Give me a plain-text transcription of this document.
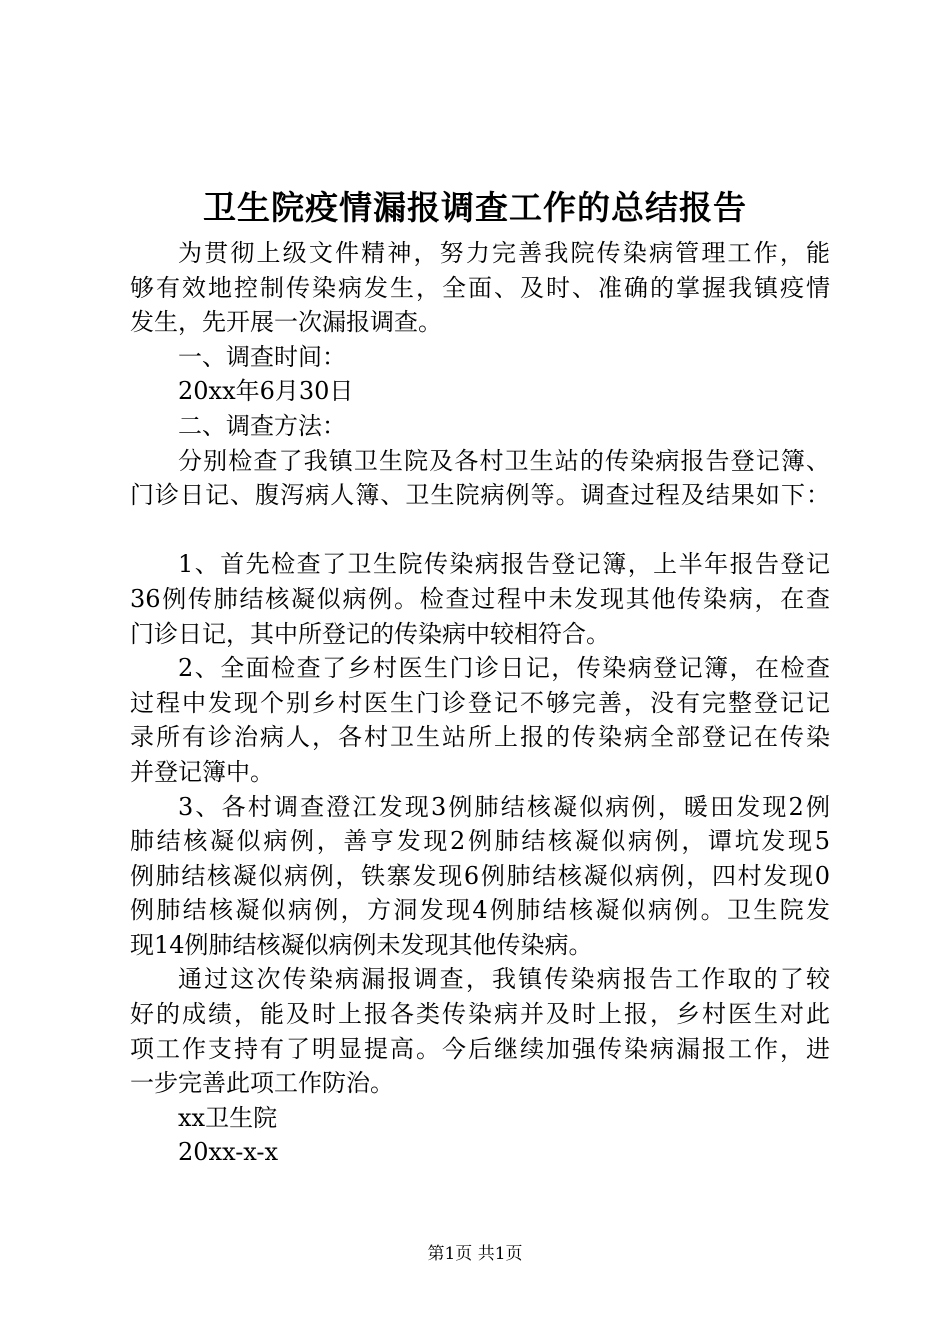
卫生院疫情漏报调查工作的总结报告
为贯彻上级文件精神，努力完善我院传染病管理工作，能
够有效地控制传染病发生，全面、及时、准确的掌握我镇疫情
发生，先开展一次漏报调查。
一、调查时间：
20xx年6月30日
二、调查方法：
分别检查了我镇卫生院及各村卫生站的传染病报告登记簿、
门诊日记、腹泻病人簿、卫生院病例等。调查过程及结果如下：
1、首先检查了卫生院传染病报告登记簿，上半年报告登记
36例传肺结核凝似病例。检查过程中未发现其他传染病，在查
门诊日记，其中所登记的传染病中较相符合。
2、全面检查了乡村医生门诊日记，传染病登记簿，在检查
过程中发现个别乡村医生门诊登记不够完善，没有完整登记记
录所有诊治病人，各村卫生站所上报的传染病全部登记在传染
并登记簿中。
3、各村调查澄江发现3例肺结核凝似病例，暖田发现2例
肺结核凝似病例，善亨发现2例肺结核凝似病例，谭坑发现5
例肺结核凝似病例，铁寨发现6例肺结核凝似病例，四村发现0
例肺结核凝似病例，方洞发现4例肺结核凝似病例。卫生院发
现14例肺结核凝似病例未发现其他传染病。
通过这次传染病漏报调查，我镇传染病报告工作取的了较
好的成绩，能及时上报各类传染病并及时上报，乡村医生对此
项工作支持有了明显提高。今后继续加强传染病漏报工作，进
一步完善此项工作防治。
xx卫生院
20xx-x-x
第1页 共1页
